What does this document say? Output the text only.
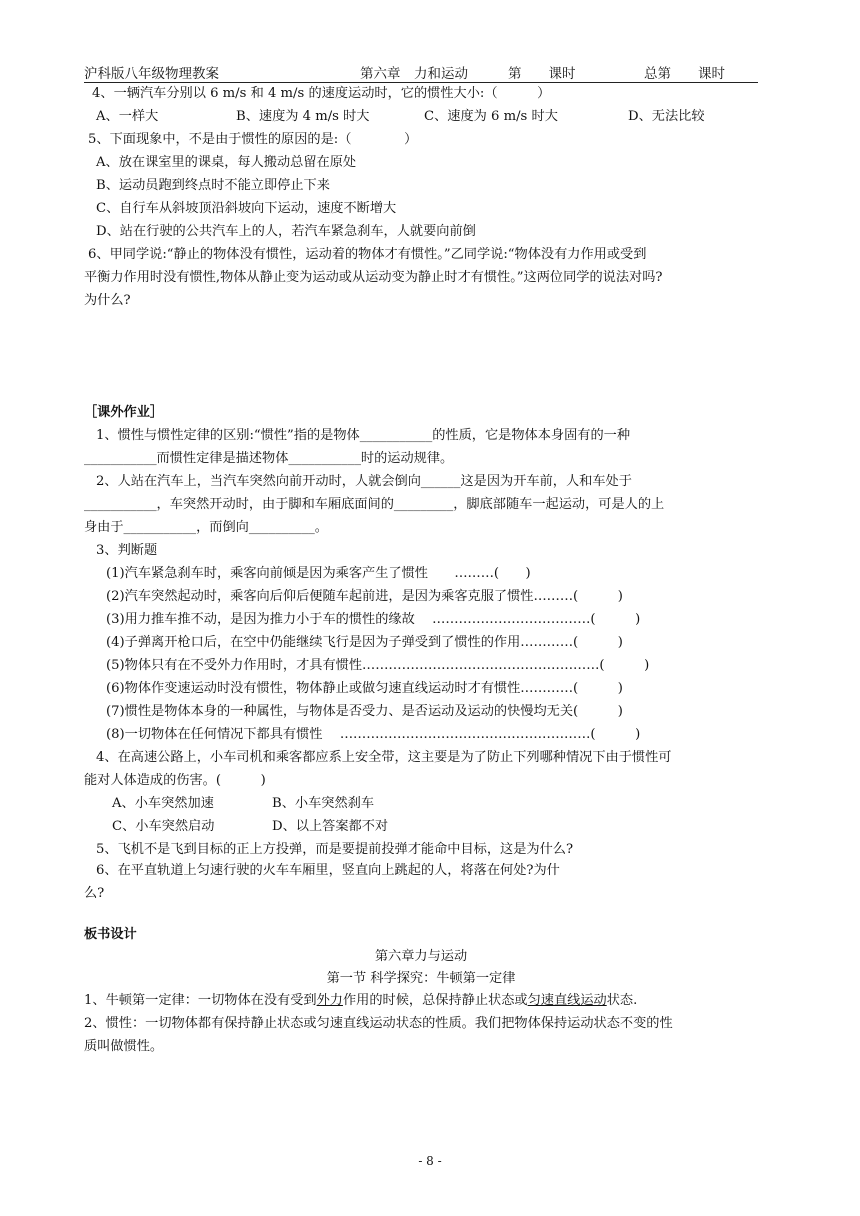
沪科版八年级物理教案	第六章　力和运动	第　　课时	总第　　课时
4、一辆汽车分别以 6 m/s 和 4 m/s 的速度运动时，它的惯性大小:（　　　）
A、一样大	B、速度为 4 m/s 时大	C、速度为 6 m/s 时大	D、无法比较
5、下面现象中，不是由于惯性的原因的是:（　　　　）
A、放在课室里的课桌，每人搬动总留在原处
B、运动员跑到终点时不能立即停止下来
C、自行车从斜坡顶沿斜坡向下运动，速度不断增大
D、站在行驶的公共汽车上的人，若汽车紧急刹车，人就要向前倒
6、甲同学说:“静止的物体没有惯性，运动着的物体才有惯性。”乙同学说:“物体没有力作用或受到
平衡力作用时没有惯性,物体从静止变为运动或从运动变为静止时才有惯性。”这两位同学的说法对吗?
为什么?
［课外作业］
1、惯性与惯性定律的区别:“惯性”指的是物体___________的性质，它是物体本身固有的一种
___________而惯性定律是描述物体___________时的运动规律。
2、人站在汽车上，当汽车突然向前开动时，人就会倒向______这是因为开车前，人和车处于
___________，车突然开动时，由于脚和车厢底面间的_________，脚底部随车一起运动，可是人的上
身由于___________，而倒向__________。
3、判断题
(1)汽车紧急刹车时，乘客向前倾是因为乘客产生了惯性　　………(　　)
(2)汽车突然起动时，乘客向后仰后便随车起前进，是因为乘客克服了惯性………(　　　)
(3)用力推车推不动，是因为推力小于车的惯性的缘故　 ………………………………(　　　)
(4)子弹离开枪口后，在空中仍能继续飞行是因为子弹受到了惯性的作用…………(　　　)
(5)物体只有在不受外力作用时，才具有惯性………………………………………………(　　　)
(6)物体作变速运动时没有惯性，物体静止或做匀速直线运动时才有惯性…………(　　　)
(7)惯性是物体本身的一种属性，与物体是否受力、是否运动及运动的快慢均无关(　　　)
(8)一切物体在任何情况下都具有惯性　 …………………………………………………(　　　)
4、在高速公路上，小车司机和乘客都应系上安全带，这主要是为了防止下列哪种情况下由于惯性可
能对人体造成的伤害。(　　　)
A、小车突然加速	B、小车突然刹车
C、小车突然启动	D、以上答案都不对
5、飞机不是飞到目标的正上方投弹，而是要提前投弹才能命中目标，这是为什么?
6、在平直轨道上匀速行驶的火车车厢里，竖直向上跳起的人，将落在何处?为什
么?
板书设计
第六章力与运动
第一节 科学探究：牛顿第一定律
1、牛顿第一定律：一切物体在没有受到外力作用的时候，总保持静止状态或匀速直线运动状态.
2、惯性：一切物体都有保持静止状态或匀速直线运动状态的性质。我们把物体保持运动状态不变的性
质叫做惯性。
- 8 -
